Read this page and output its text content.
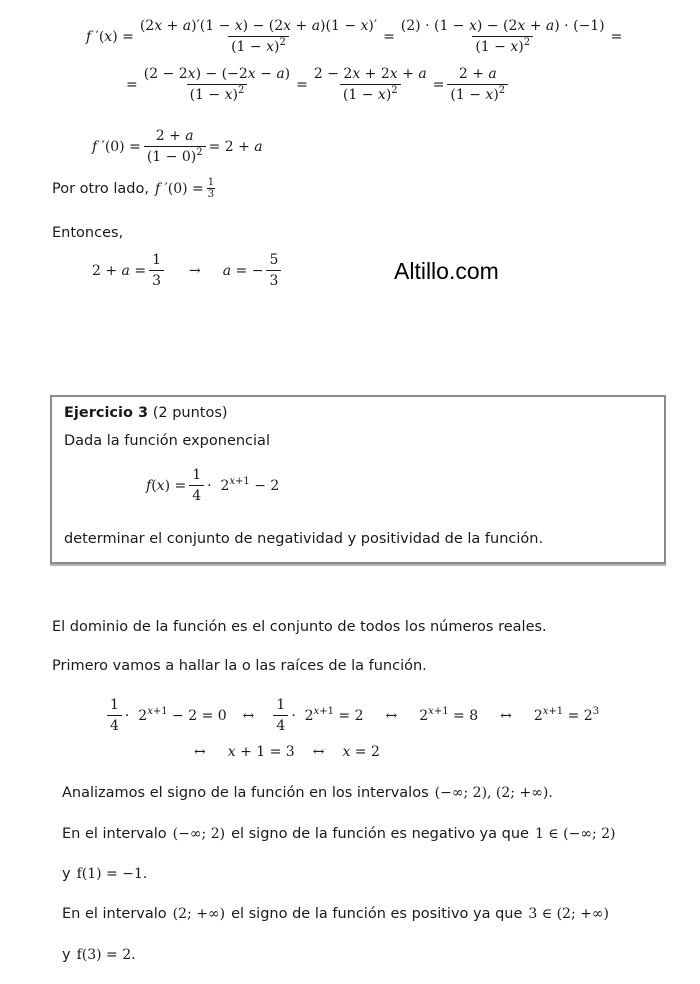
f $'(x) = \frac{(2x + a)'(1 - x) - (2x + a)(1 - x)'}{(1 - x)^2} = \frac{(2) \cdot (1 - x) - (2x + a) \cdot (-1)}{(1 - x)^2}$ =
= $\frac{(2 - 2x) - (-2x - a)}{(1 - x)^2} = \frac{2 - 2x + 2x + a}{(1 - x)^2} = \frac{2 + a}{(1 - x)^2}$
f $'(0) = \frac{2 + a}{(1 - 0)^2} = 2 + a$
Por otro lado, f $'(0) = \frac{1}{3}$
Entonces,
$2 + a = \frac{1}{3} \to a$ = − $\frac{5}{3}$	Altillo.com
Ejercicio 3 (2 puntos)
Dada la función exponencial
$f(x) = \frac{1}{4} \cdot 2^{x+1} - 2$
determinar el conjunto de negatividad y positividad de la función.
El dominio de la función es el conjunto de todos los números reales.
Primero vamos a hallar la o las raíces de la función.
$\frac{1}{4} \cdot 2^{x+1} - 2 = 0$ ↔ $\frac{1}{4} \cdot 2^{x+1} = 2$ ↔ $2^{x+1} = 8$ ↔ $2^{x+1} = 2^3$
↔ x + 1 = 3 ↔ x = 2
Analizamos el signo de la función en los intervalos (−∞; 2), (2; +∞).
En el intervalo (−∞; 2) el signo de la función es negativo ya que 1 ∈ (−∞; 2)
y f(1) = −1.
En el intervalo (2; +∞) el signo de la función es positivo ya que 3 ∈ (2; +∞)
y f(3) = 2.
